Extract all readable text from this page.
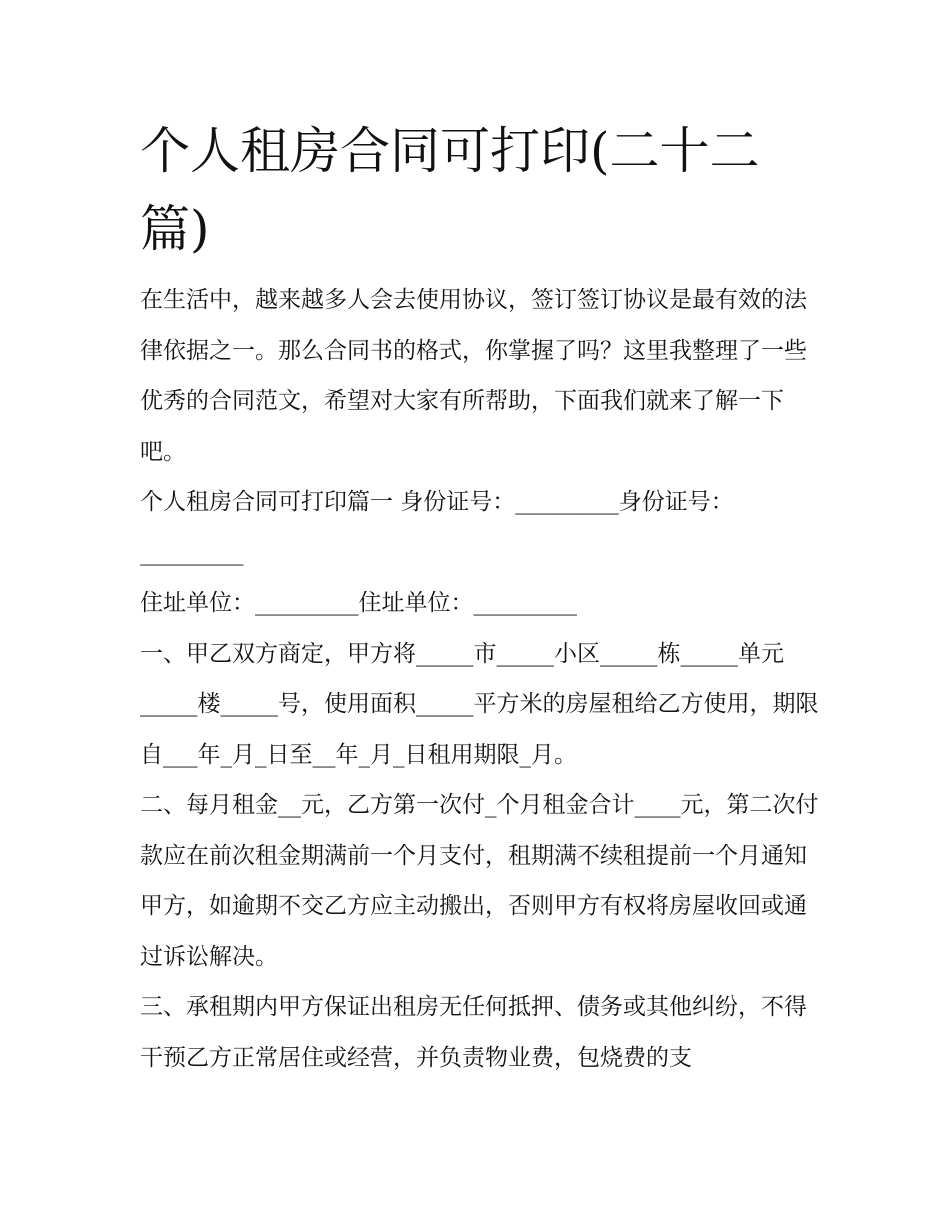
个人租房合同可打印(二十二篇)

在生活中，越来越多人会去使用协议，签订签订协议是最有效的法律依据之一。那么合同书的格式，你掌握了吗？这里我整理了一些优秀的合同范文，希望对大家有所帮助，下面我们就来了解一下吧。

个人租房合同可打印篇一 身份证号：_________身份证号：_________

住址单位：_________住址单位：_________

一、甲乙双方商定，甲方将_____市_____小区_____栋_____单元_____楼_____号，使用面积_____平方米的房屋租给乙方使用，期限自___年_月_日至__年_月_日租用期限_月。

二、每月租金__元，乙方第一次付_个月租金合计____元，第二次付款应在前次租金期满前一个月支付，租期满不续租提前一个月通知甲方，如逾期不交乙方应主动搬出，否则甲方有权将房屋收回或通过诉讼解决。

三、承租期内甲方保证出租房无任何抵押、债务或其他纠纷，不得干预乙方正常居住或经营，并负责物业费，包烧费的支
